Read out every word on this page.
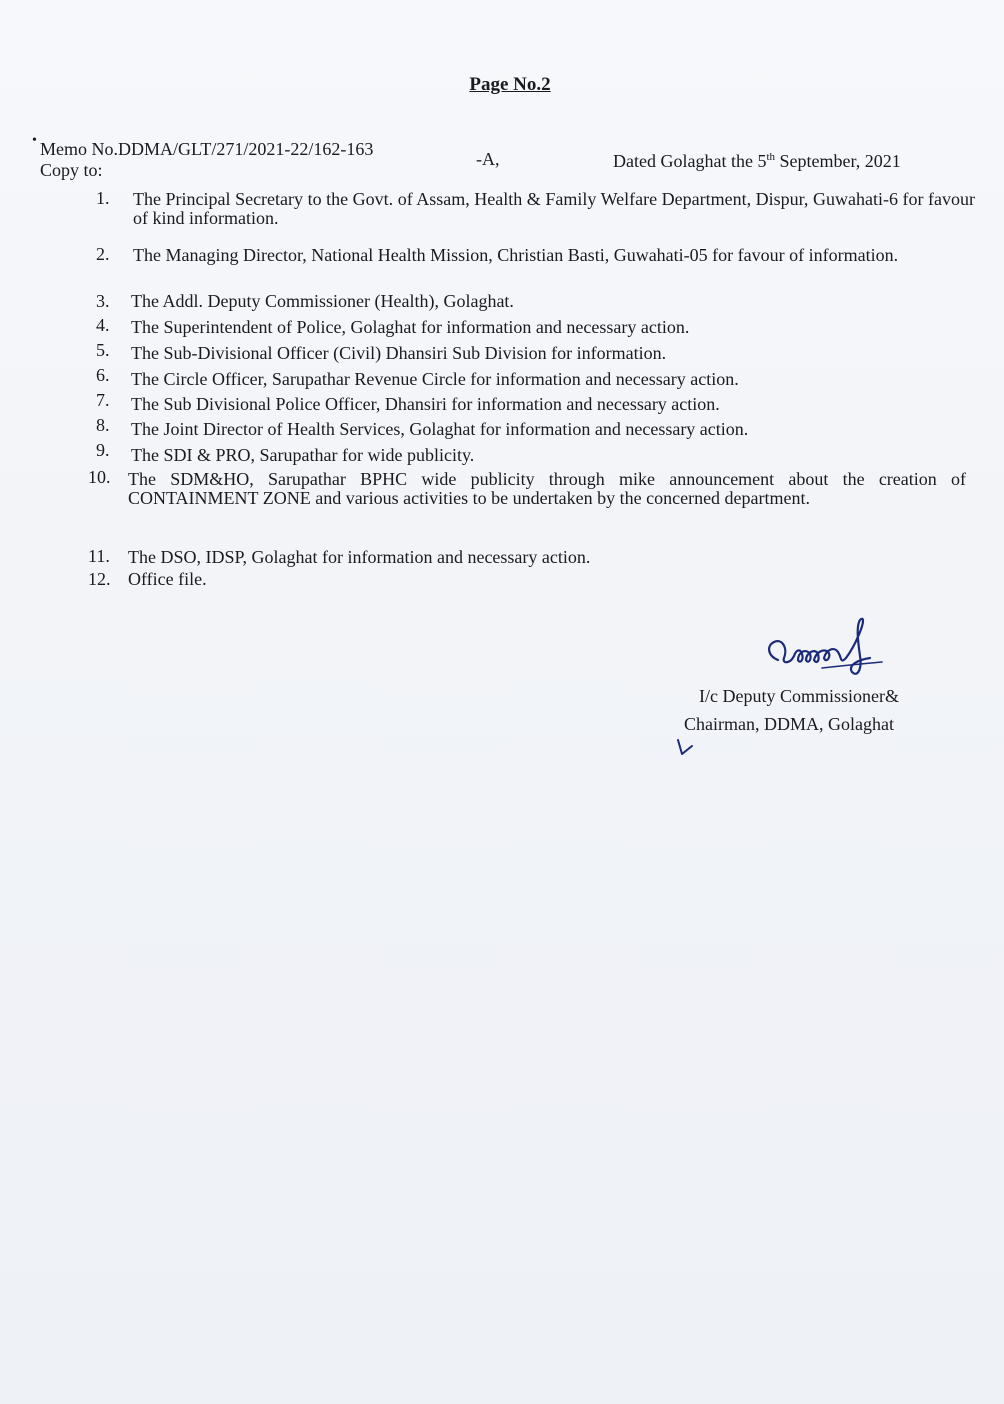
Page No.2
• Memo No.DDMA/GLT/271/2021-22/162-163	-A,	Dated Golaghat the 5th September, 2021
Copy to:
1. The Principal Secretary to the Govt. of Assam, Health & Family Welfare Department, Dispur, Guwahati-6 for favour of kind information.
2. The Managing Director, National Health Mission, Christian Basti, Guwahati-05 for favour of information.
3. The Addl. Deputy Commissioner (Health), Golaghat.
4. The Superintendent of Police, Golaghat for information and necessary action.
5. The Sub-Divisional Officer (Civil) Dhansiri Sub Division for information.
6. The Circle Officer, Sarupathar Revenue Circle for information and necessary action.
7. The Sub Divisional Police Officer, Dhansiri for information and necessary action.
8. The Joint Director of Health Services, Golaghat for information and necessary action.
9. The SDI & PRO, Sarupathar for wide publicity.
10. The SDM&HO, Sarupathar BPHC wide publicity through mike announcement about the creation of CONTAINMENT ZONE and various activities to be undertaken by the concerned department.
11. The DSO, IDSP, Golaghat for information and necessary action.
12. Office file.
I/c Deputy Commissioner&
Chairman, DDMA, Golaghat
